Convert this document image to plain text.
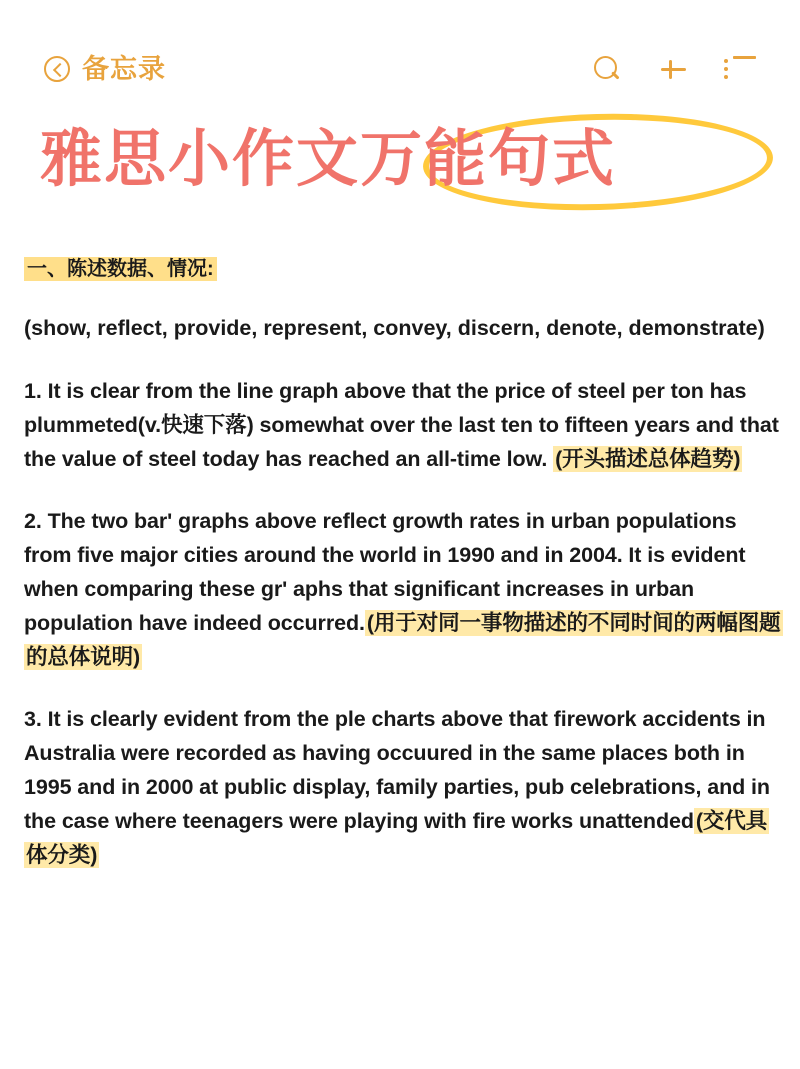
备忘录
雅思小作文万能句式
一、陈述数据、情况:
(show, reflect, provide, represent, convey, discern, denote, demonstrate)
1. It is clear from the line graph above that the price of steel per ton has plummeted(v.快速下落) somewhat over the last ten to fifteen years and that the value of steel today has reached an all-time low. (开头描述总体趋势)
2. The two bar' graphs above reflect growth rates in urban populations from five major cities around the world in 1990 and in 2004. It is evident when comparing these gr' aphs that significant increases in urban population have indeed occurred.(用于对同一事物描述的不同时间的两幅图题的总体说明)
3. It is clearly evident from the ple charts above that firework accidents in Australia were recorded as having occuured in the same places both in 1995 and in 2000 at public display, family parties, pub celebrations, and in the case where teenagers were playing with fire works unattended(交代具体分类)
